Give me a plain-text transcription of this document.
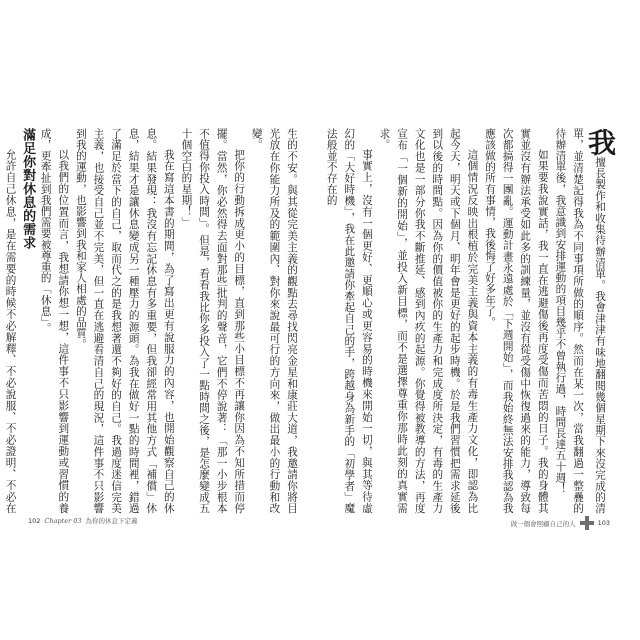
我擅長製作和收集待辦清單。我會津津有味地翻閱幾個星期下來沒完成的清單，並清楚記得我為不同事項所做的順序。然而在某一次，當我翻過一整疊的待辦清單後，我意識到安排運動的項目幾乎不曾執行過，時間長達五十週！

如果要我說實話，我一直在逃避傷後再度受傷而苦悶的日子。我的身體其實並沒有辦法承受如此多的訓練量，並沒有從受傷中恢復過來的能力，導致每次都搞得一團亂。運動計畫永遠處於「下週開始」，而我始終無法安排我認為我應該做的所有事情，我後悔了好多年了。

這個情況反映出根植於完美主義與資本主義的有毒生產力文化，即認為比起今天，明天或下個月、明年會是更好的起步時機。於是我們習慣把需求延後到以後的時間點。因為你的價值被你的生產力和完成度所決定，有毒的生產力文化也是一部分你我不斷推延、感到內疚的起源。你覺得被教導的方法，再度宣布「一個新的開始」，並投入新目標，而不是選擇尊重你那時此刻的真實需求。

事實上，沒有一個更好、更順心或更容易的時機來開始一切，與其等待虛幻的「大好時機」，我在此邀請你牽起自己的手，跨越身為新手的「初學者」魔法般並不存在的

生的不安。與其從完美主義的觀點去尋找閃亮金星和康莊大道，我邀請你將目光放在你能力所及的範圍內、對你來說最可行的方向來，做出最小的行動和改變。

把你的行動拆成更小的目標，直到那些小目標不再讓你因為不知所措而停擺。當然，你必然得去面對那些批判的聲音，它們不停說著：「那一小步根本不值得你投入時間」。但是，看看我比你多投入了一點時間之後，是怎麼變成五十個空白的星期！」

我在寫這本書的期間，為了寫出更有說服力的內容，也開始觀察自己的休息。結果發現：我沒有忘記休息有多重要，但我卻經常用其他方式「補償」休息，結果才是讓休息變成另一種壓力的源頭。為我在做好一點的時間裡，錯過了滿足於當下的自己，取而代之的是我想著還不夠好的自己。我過度迷信完美主義，也接受自己並不完美，但一直在逃避看清自己的現況，這件事不只影響到我的運動，也影響到我和家人相處的品質。

以我們的位置而言，我想請你想一想，這件事不只影響到運動或習慣的養成，更牽扯到我們需要被尊重的「休息」。

滿足你對休息的需求

允許自己休息，是在需要的時候不必解釋、不必說服、不必證明、不必在

102 Chapter 03 為你的休息下定義	做一個會照顧自己的人	103
